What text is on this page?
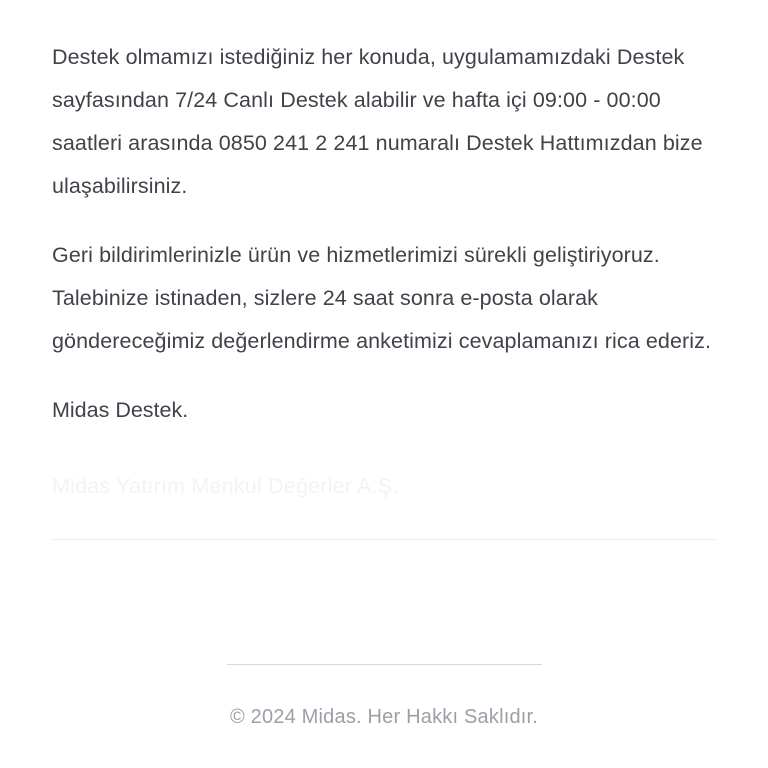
Destek olmamızı istediğiniz her konuda, uygulamamızdaki Destek sayfasından 7/24 Canlı Destek alabilir ve hafta içi 09:00 - 00:00 saatleri arasında 0850 241 2 241 numaralı Destek Hattımızdan bize ulaşabilirsiniz.

Geri bildirimlerinizle ürün ve hizmetlerimizi sürekli geliştiriyoruz. Talebinize istinaden, sizlere 24 saat sonra e-posta olarak göndereceğimiz değerlendirme anketimizi cevaplamanızı rica ederiz.

Midas Destek.

Midas Yatırım Menkul Değerler A.Ş.
© 2024 Midas. Her Hakkı Saklıdır.
